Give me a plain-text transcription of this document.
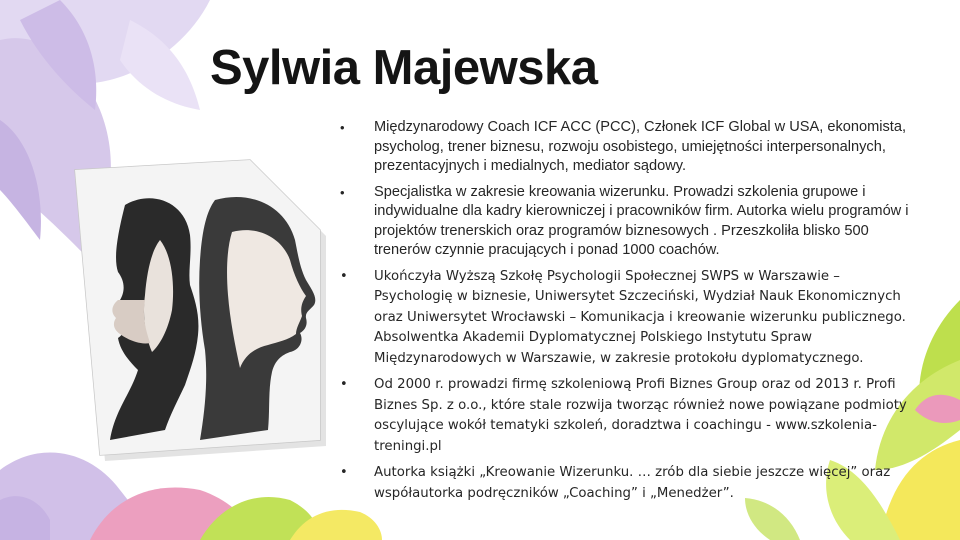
Sylwia Majewska
• Międzynarodowy Coach ICF ACC (PCC), Członek ICF Global w USA, ekonomista, psycholog, trener biznesu, rozwoju osobistego, umiejętności interpersonalnych, prezentacyjnych i medialnych, mediator sądowy.
• Specjalistka w zakresie kreowania wizerunku. Prowadzi szkolenia grupowe i indywidualne dla kadry kierowniczej i pracowników firm. Autorka wielu programów i projektów trenerskich oraz programów biznesowych . Przeszkoliła blisko 500 trenerów czynnie pracujących i ponad 1000 coachów.
• Ukończyła Wyższą Szkołę Psychologii Społecznej SWPS w Warszawie – Psychologię w biznesie, Uniwersytet Szczeciński, Wydział Nauk Ekonomicznych oraz Uniwersytet Wrocławski – Komunikacja i kreowanie wizerunku publicznego. Absolwentka Akademii Dyplomatycznej Polskiego Instytutu Spraw Międzynarodowych w Warszawie, w zakresie protokołu dyplomatycznego.
• Od 2000 r. prowadzi firmę szkoleniową Profi Biznes Group oraz od 2013 r. Profi Biznes Sp. z o.o., które stale rozwija tworząc również nowe powiązane podmioty oscylujące wokół tematyki szkoleń, doradztwa i coachingu - www.szkolenia-treningi.pl
• Autorka książki „Kreowanie Wizerunku. … zrób dla siebie jeszcze więcej” oraz współautorka podręczników „Coaching” i „Menedżer”.
